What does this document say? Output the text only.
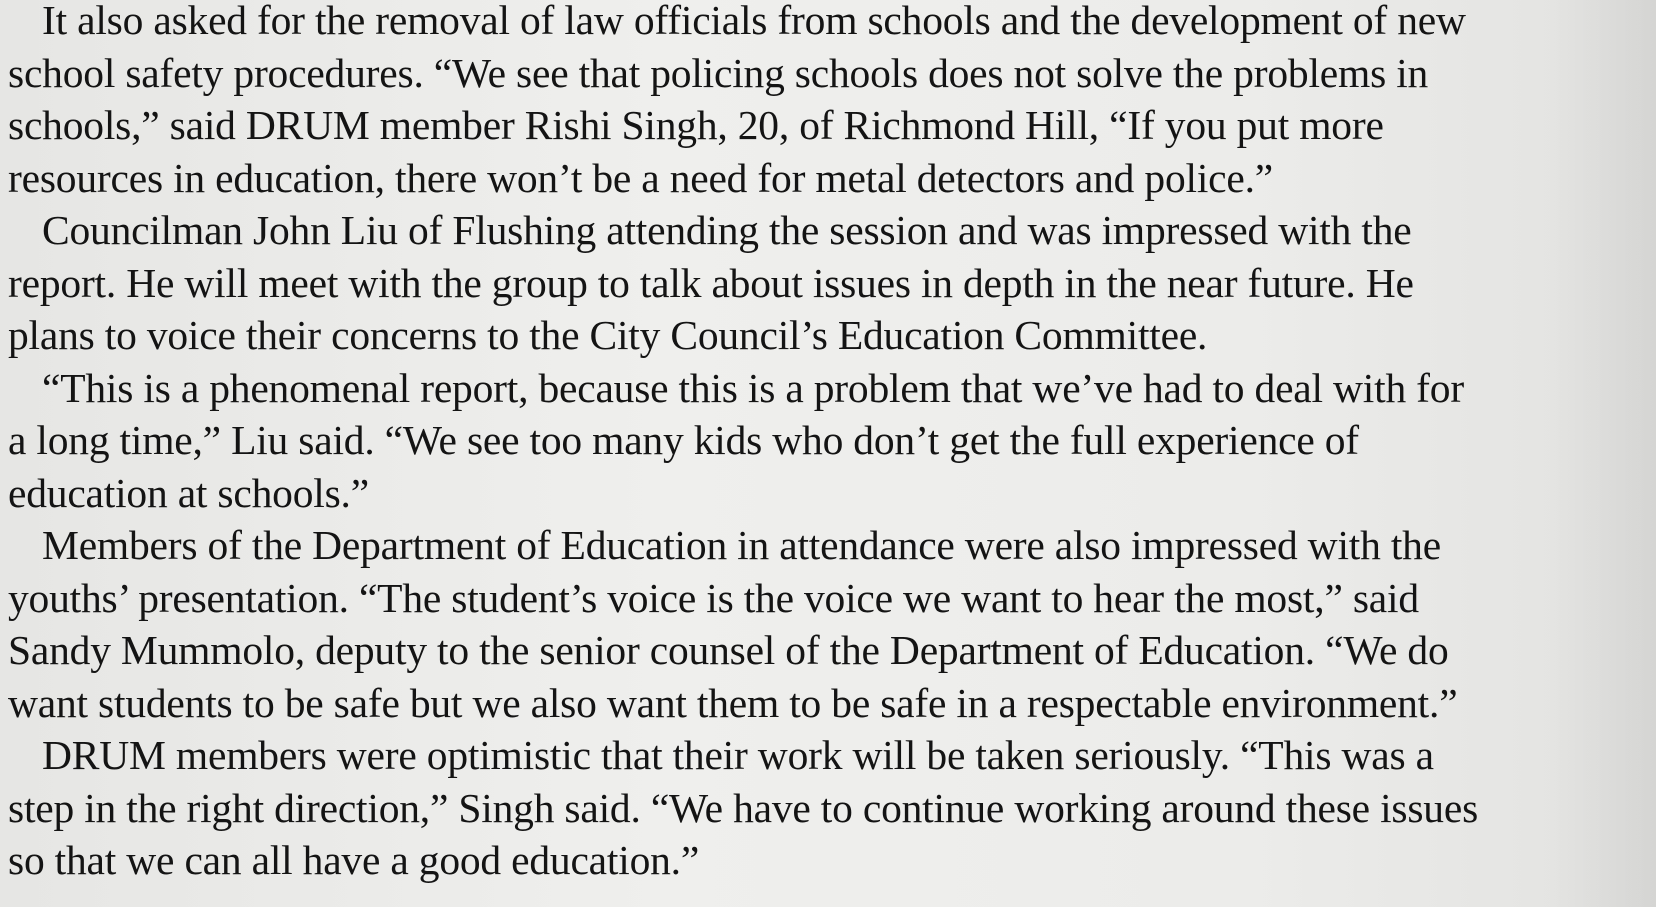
It also asked for the removal of law officials from schools and the development of new
school safety procedures. “We see that policing schools does not solve the problems in
schools,” said DRUM member Rishi Singh, 20, of Richmond Hill, “If you put more
resources in education, there won’t be a need for metal detectors and police.”

Councilman John Liu of Flushing attending the session and was impressed with the
report. He will meet with the group to talk about issues in depth in the near future. He
plans to voice their concerns to the City Council’s Education Committee.

“This is a phenomenal report, because this is a problem that we’ve had to deal with for
a long time,” Liu said. “We see too many kids who don’t get the full experience of
education at schools.”

Members of the Department of Education in attendance were also impressed with the
youths’ presentation. “The student’s voice is the voice we want to hear the most,” said
Sandy Mummolo, deputy to the senior counsel of the Department of Education. “We do
want students to be safe but we also want them to be safe in a respectable environment.”

DRUM members were optimistic that their work will be taken seriously. “This was a
step in the right direction,” Singh said. “We have to continue working around these issues
so that we can all have a good education.”
